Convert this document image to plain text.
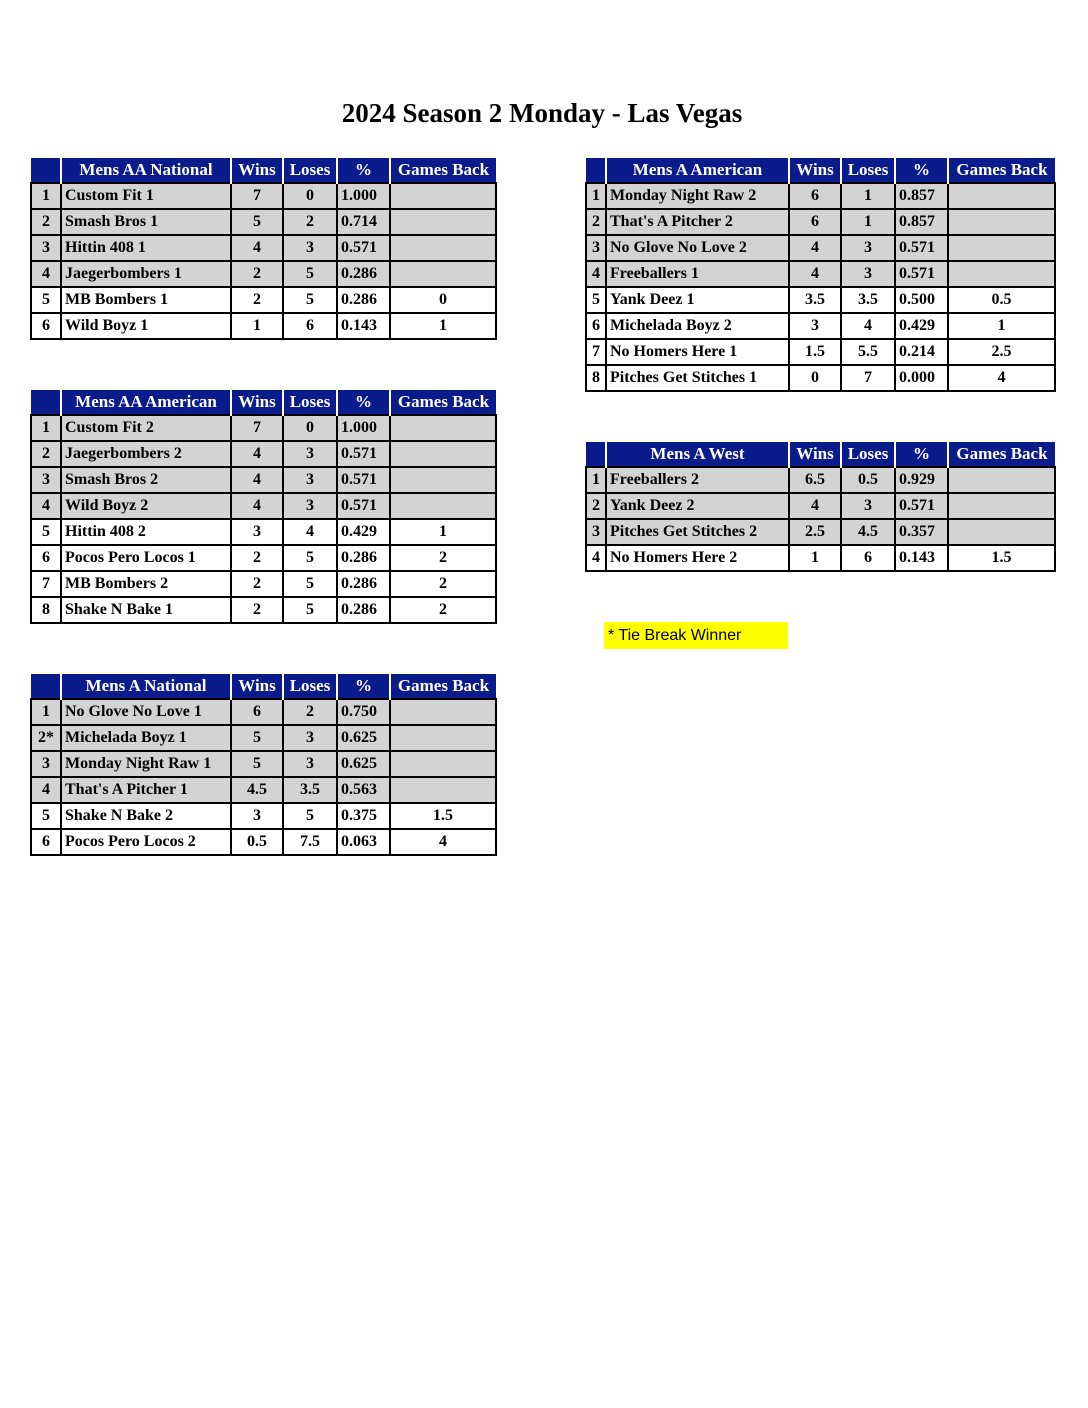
2024 Season 2 Monday - Las Vegas
	Mens AA National	Wins	Loses	%	Games Back
1	Custom Fit 1	7	0	1.000	
2	Smash Bros 1	5	2	0.714	
3	Hittin 408 1	4	3	0.571	
4	Jaegerbombers 1	2	5	0.286	
5	MB Bombers 1	2	5	0.286	0
6	Wild Boyz 1	1	6	0.143	1
	Mens AA American	Wins	Loses	%	Games Back
1	Custom Fit 2	7	0	1.000	
2	Jaegerbombers 2	4	3	0.571	
3	Smash Bros 2	4	3	0.571	
4	Wild Boyz 2	4	3	0.571	
5	Hittin 408 2	3	4	0.429	1
6	Pocos Pero Locos 1	2	5	0.286	2
7	MB Bombers 2	2	5	0.286	2
8	Shake N Bake 1	2	5	0.286	2
	Mens A National	Wins	Loses	%	Games Back
1	No Glove No Love 1	6	2	0.750	
2*	Michelada Boyz 1	5	3	0.625	
3	Monday Night Raw 1	5	3	0.625	
4	That's A Pitcher 1	4.5	3.5	0.563	
5	Shake N Bake 2	3	5	0.375	1.5
6	Pocos Pero Locos 2	0.5	7.5	0.063	4
	Mens A American	Wins	Loses	%	Games Back
1	Monday Night Raw 2	6	1	0.857	
2	That's A Pitcher 2	6	1	0.857	
3	No Glove No Love 2	4	3	0.571	
4	Freeballers 1	4	3	0.571	
5	Yank Deez 1	3.5	3.5	0.500	0.5
6	Michelada Boyz 2	3	4	0.429	1
7	No Homers Here 1	1.5	5.5	0.214	2.5
8	Pitches Get Stitches 1	0	7	0.000	4
	Mens A West	Wins	Loses	%	Games Back
1	Freeballers 2	6.5	0.5	0.929	
2	Yank Deez 2	4	3	0.571	
3	Pitches Get Stitches 2	2.5	4.5	0.357	
4	No Homers Here 2	1	6	0.143	1.5
* Tie Break Winner
